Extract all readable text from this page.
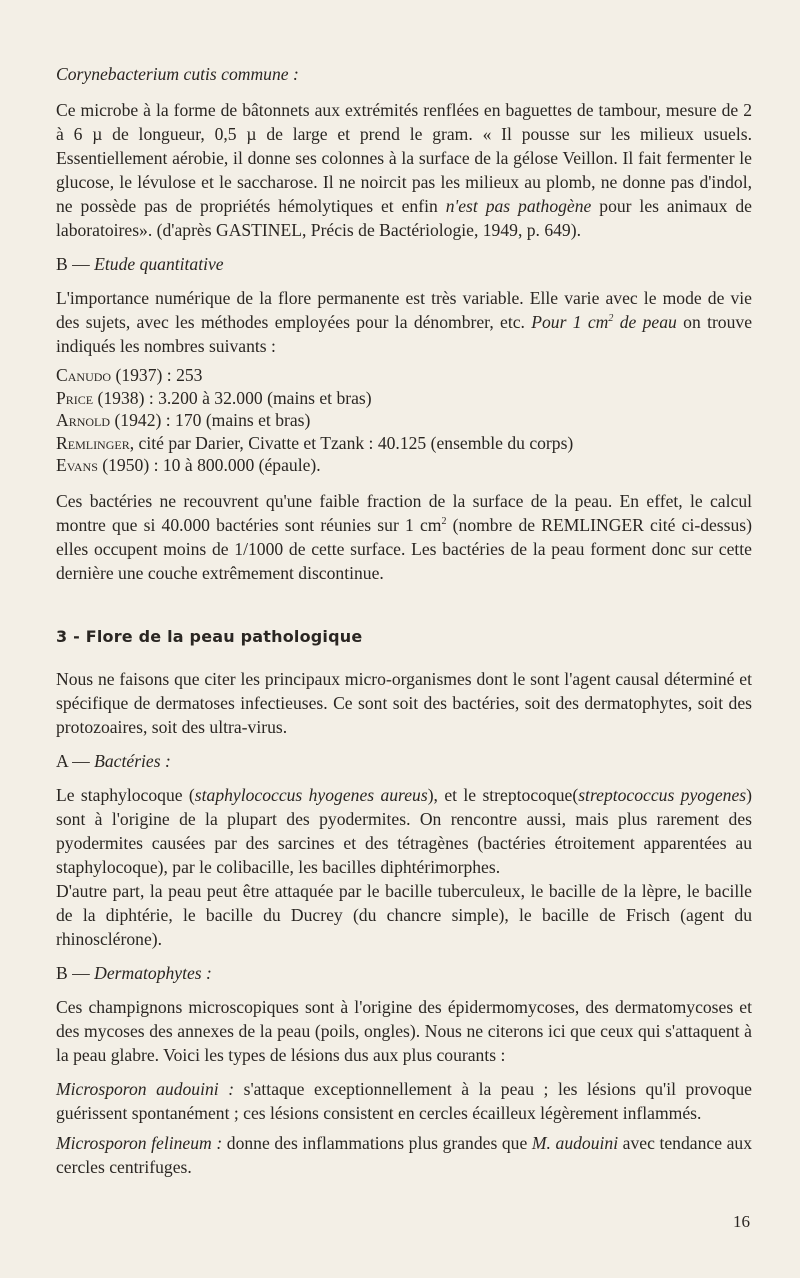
Corynebacterium cutis commune :

Ce microbe à la forme de bâtonnets aux extrémités renflées en baguettes de tambour, mesure de 2 à 6 µ de longueur, 0,5 µ de large et prend le gram. « Il pousse sur les milieux usuels. Essentiellement aérobie, il donne ses colonnes à la surface de la gélose Veillon. Il fait fermenter le glucose, le lévulose et le saccharose. Il ne noircit pas les milieux au plomb, ne donne pas d'indol, ne possède pas de propriétés hémolytiques et enfin n'est pas pathogène pour les animaux de laboratoires». (d'après GASTINEL, Précis de Bactériologie, 1949, p. 649).

B — Etude quantitative

L'importance numérique de la flore permanente est très variable. Elle varie avec le mode de vie des sujets, avec les méthodes employées pour la dénombrer, etc. Pour 1 $cm^2$ de peau on trouve indiqués les nombres suivants :

Canudo (1937) : 253
Price (1938) : 3.200 à 32.000 (mains et bras)
Arnold (1942) : 170 (mains et bras)
Remlinger, cité par Darier, Civatte et Tzank : 40.125 (ensemble du corps)
Evans (1950) : 10 à 800.000 (épaule).

Ces bactéries ne recouvrent qu'une faible fraction de la surface de la peau. En effet, le calcul montre que si 40.000 bactéries sont réunies sur 1 $cm^2$ (nombre de REMLINGER cité ci-dessus) elles occupent moins de 1/1000 de cette surface. Les bactéries de la peau forment donc sur cette dernière une couche extrêmement discontinue.

3 - Flore de la peau pathologique

Nous ne faisons que citer les principaux micro-organismes dont le sont l'agent causal déterminé et spécifique de dermatoses infectieuses. Ce sont soit des bactéries, soit des dermatophytes, soit des protozoaires, soit des ultra-virus.

A — Bactéries :

Le staphylocoque (staphylococcus hyogenes aureus), et le streptocoque(streptococcus pyogenes) sont à l'origine de la plupart des pyodermites. On rencontre aussi, mais plus rarement des pyodermites causées par des sarcines et des tétragènes (bactéries étroitement apparentées au staphylocoque), par le colibacille, les bacilles diphtérimorphes.

D'autre part, la peau peut être attaquée par le bacille tuberculeux, le bacille de la lèpre, le bacille de la diphtérie, le bacille du Ducrey (du chancre simple), le bacille de Frisch (agent du rhinosclérone).

B — Dermatophytes :

Ces champignons microscopiques sont à l'origine des épidermomycoses, des dermatomycoses et des mycoses des annexes de la peau (poils, ongles). Nous ne citerons ici que ceux qui s'attaquent à la peau glabre. Voici les types de lésions dus aux plus courants :

Microsporon audouini : s'attaque exceptionnellement à la peau ; les lésions qu'il provoque guérissent spontanément ; ces lésions consistent en cercles écailleux légèrement inflammés.

Microsporon felineum : donne des inflammations plus grandes que M. audouini avec tendance aux cercles centrifuges.

16
